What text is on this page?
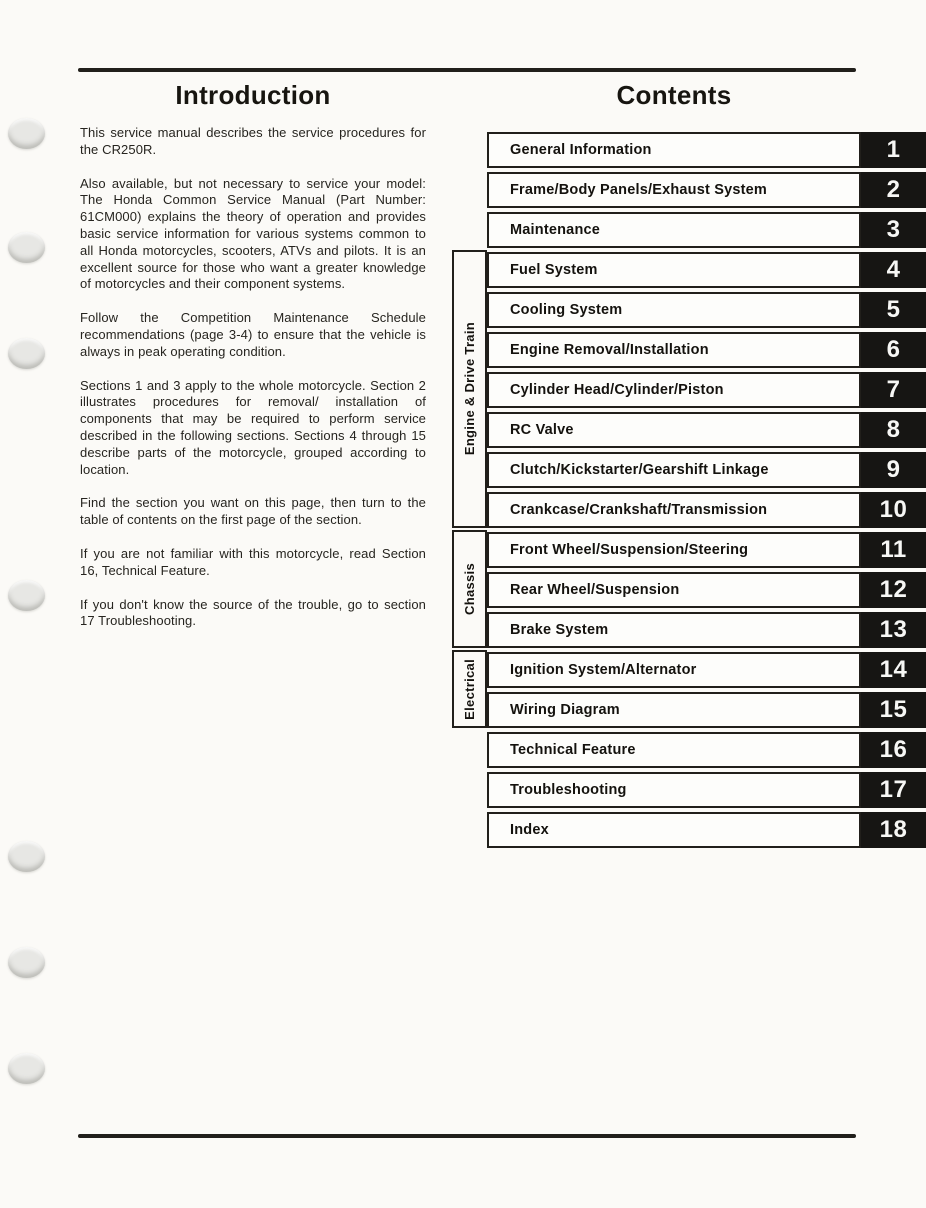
Introduction

This service manual describes the service procedures for the CR250R.

Also available, but not necessary to service your model: The Honda Common Service Manual (Part Number: 61CM000) explains the theory of operation and provides basic service information for various systems common to all Honda motorcycles, scooters, ATVs and pilots. It is an excellent source for those who want a greater knowledge of motorcycles and their component systems.

Follow the Competition Maintenance Schedule recommendations (page 3-4) to ensure that the vehicle is always in peak operating condition.

Sections 1 and 3 apply to the whole motorcycle. Section 2 illustrates procedures for removal/ installation of components that may be required to perform service described in the following sections. Sections 4 through 15 describe parts of the motorcycle, grouped according to location.

Find the section you want on this page, then turn to the table of contents on the first page of the section.

If you are not familiar with this motorcycle, read Section 16, Technical Feature.

If you don't know the source of the trouble, go to section 17 Troubleshooting.

Contents
Engine & Drive Train
Chassis
Electrical
General Information	1
Frame/Body Panels/Exhaust System	2
Maintenance	3
Fuel System	4
Cooling System	5
Engine Removal/Installation	6
Cylinder Head/Cylinder/Piston	7
RC Valve	8
Clutch/Kickstarter/Gearshift Linkage	9
Crankcase/Crankshaft/Transmission	10
Front Wheel/Suspension/Steering	11
Rear Wheel/Suspension	12
Brake System	13
Ignition System/Alternator	14
Wiring Diagram	15
Technical Feature	16
Troubleshooting	17
Index	18
